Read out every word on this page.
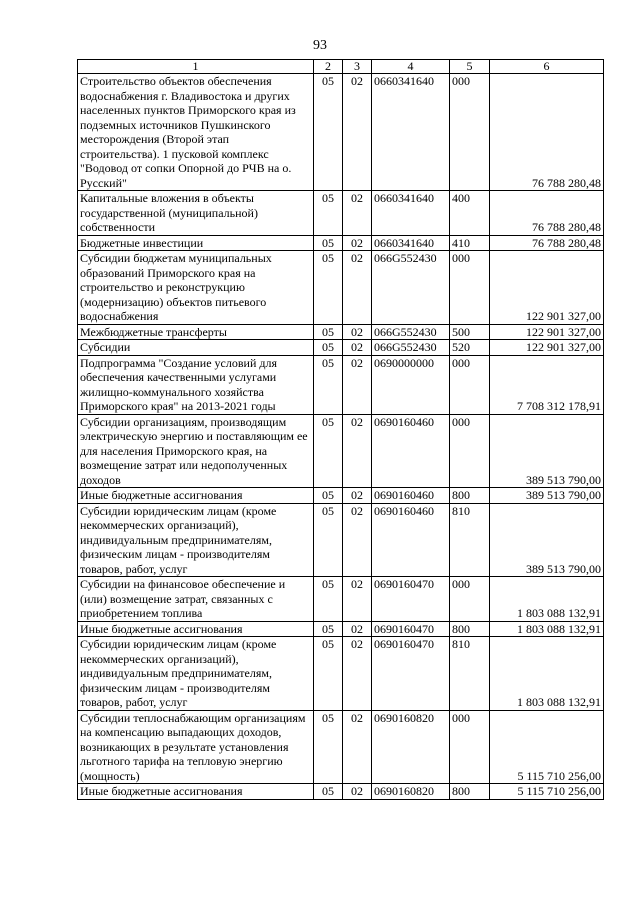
93
1	2	3	4	5	6
Строительство объектов обеспечения водоснабжения г. Владивостока и других населенных пунктов Приморского края из подземных источников Пушкинского месторождения (Второй этап строительства). 1 пусковой комплекс "Водовод от сопки Опорной до РЧВ на о. Русский"	05	02	0660341640	000	76 788 280,48
Капитальные вложения в объекты государственной (муниципальной) собственности	05	02	0660341640	400	76 788 280,48
Бюджетные инвестиции	05	02	0660341640	410	76 788 280,48
Субсидии бюджетам муниципальных образований Приморского края на строительство и реконструкцию (модернизацию) объектов питьевого водоснабжения	05	02	066G552430	000	122 901 327,00
Межбюджетные трансферты	05	02	066G552430	500	122 901 327,00
Субсидии	05	02	066G552430	520	122 901 327,00
Подпрограмма "Создание условий для обеспечения качественными услугами жилищно-коммунального хозяйства Приморского края" на 2013-2021 годы	05	02	0690000000	000	7 708 312 178,91
Субсидии организациям, производящим электрическую энергию и поставляющим ее для населения Приморского края, на возмещение затрат или недополученных доходов	05	02	0690160460	000	389 513 790,00
Иные бюджетные ассигнования	05	02	0690160460	800	389 513 790,00
Субсидии юридическим лицам (кроме некоммерческих организаций), индивидуальным предпринимателям, физическим лицам - производителям товаров, работ, услуг	05	02	0690160460	810	389 513 790,00
Субсидии на финансовое обеспечение и (или) возмещение затрат, связанных с приобретением топлива	05	02	0690160470	000	1 803 088 132,91
Иные бюджетные ассигнования	05	02	0690160470	800	1 803 088 132,91
Субсидии юридическим лицам (кроме некоммерческих организаций), индивидуальным предпринимателям, физическим лицам - производителям товаров, работ, услуг	05	02	0690160470	810	1 803 088 132,91
Субсидии теплоснабжающим организациям на компенсацию выпадающих доходов, возникающих в результате установления льготного тарифа на тепловую энергию (мощность)	05	02	0690160820	000	5 115 710 256,00
Иные бюджетные ассигнования	05	02	0690160820	800	5 115 710 256,00
